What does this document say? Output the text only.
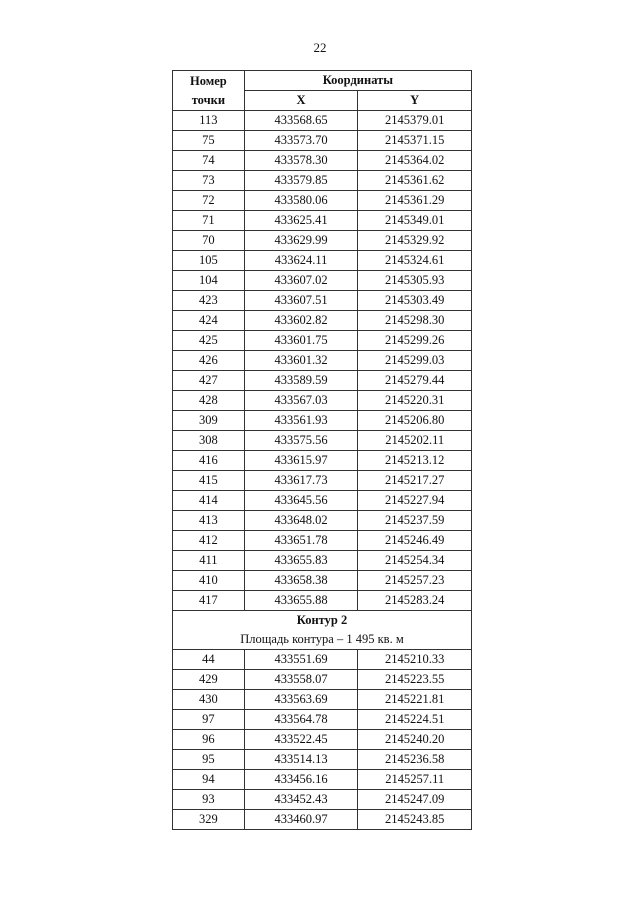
22
Номер
точки	Координаты	
	X	Y
113	433568.65	2145379.01
75	433573.70	2145371.15
74	433578.30	2145364.02
73	433579.85	2145361.62
72	433580.06	2145361.29
71	433625.41	2145349.01
70	433629.99	2145329.92
105	433624.11	2145324.61
104	433607.02	2145305.93
423	433607.51	2145303.49
424	433602.82	2145298.30
425	433601.75	2145299.26
426	433601.32	2145299.03
427	433589.59	2145279.44
428	433567.03	2145220.31
309	433561.93	2145206.80
308	433575.56	2145202.11
416	433615.97	2145213.12
415	433617.73	2145217.27
414	433645.56	2145227.94
413	433648.02	2145237.59
412	433651.78	2145246.49
411	433655.83	2145254.34
410	433658.38	2145257.23
417	433655.88	2145283.24

Контур 2
Площадь контура – 1 495 кв. м		

44	433551.69	2145210.33
429	433558.07	2145223.55
430	433563.69	2145221.81
97	433564.78	2145224.51
96	433522.45	2145240.20
95	433514.13	2145236.58
94	433456.16	2145257.11
93	433452.43	2145247.09
329	433460.97	2145243.85
